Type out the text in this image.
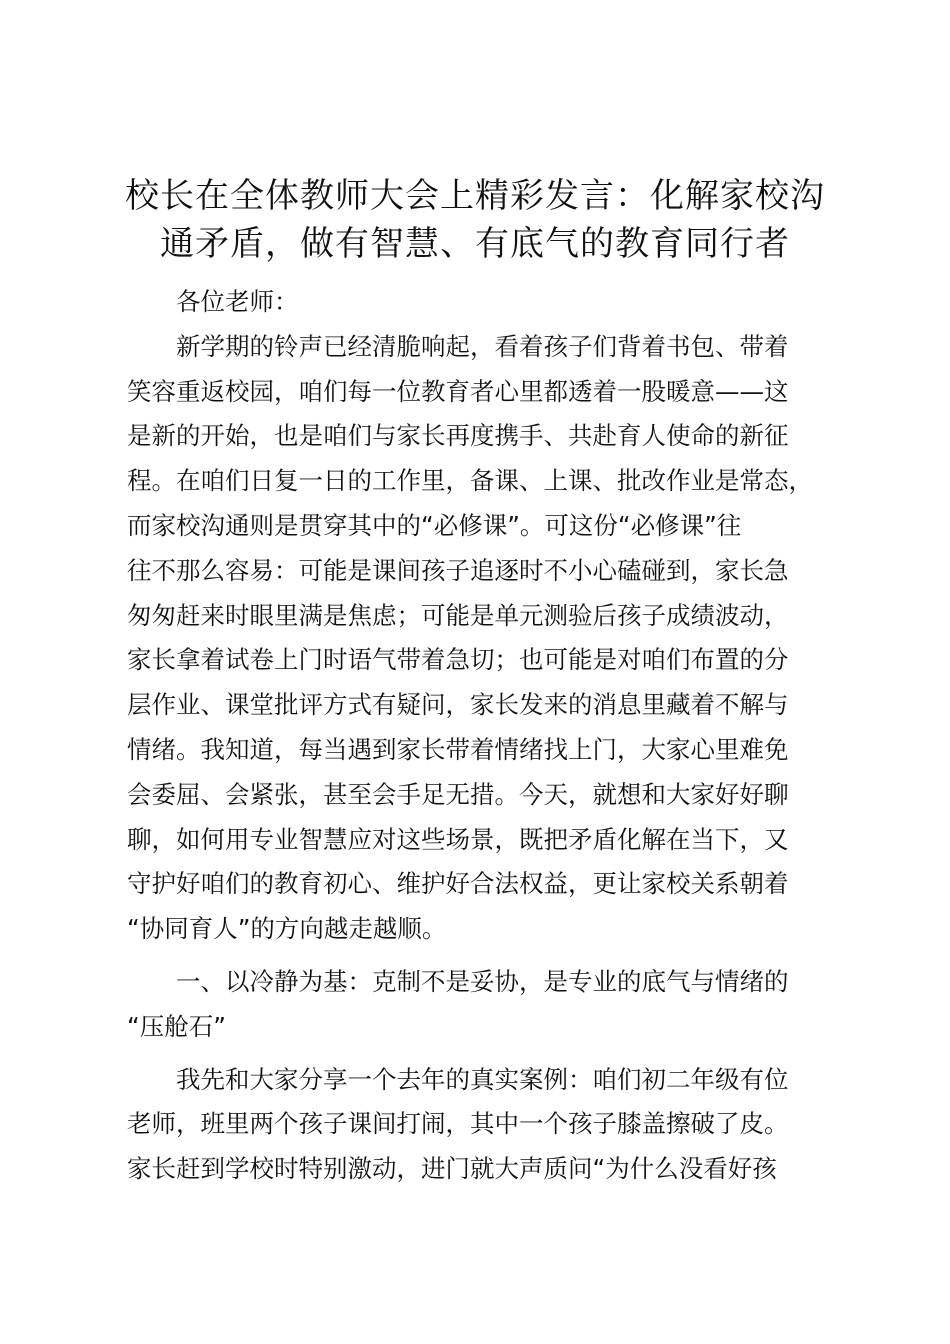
校长在全体教师大会上精彩发言：化解家校沟
通矛盾，做有智慧、有底气的教育同行者
各位老师：
新学期的铃声已经清脆响起，看着孩子们背着书包、带着
笑容重返校园，咱们每一位教育者心里都透着一股暖意——这
是新的开始，也是咱们与家长再度携手、共赴育人使命的新征
程。在咱们日复一日的工作里，备课、上课、批改作业是常态，
而家校沟通则是贯穿其中的“必修课”。可这份“必修课”往
往不那么容易：可能是课间孩子追逐时不小心磕碰到，家长急
匆匆赶来时眼里满是焦虑；可能是单元测验后孩子成绩波动，
家长拿着试卷上门时语气带着急切；也可能是对咱们布置的分
层作业、课堂批评方式有疑问，家长发来的消息里藏着不解与
情绪。我知道，每当遇到家长带着情绪找上门，大家心里难免
会委屈、会紧张，甚至会手足无措。今天，就想和大家好好聊
聊，如何用专业智慧应对这些场景，既把矛盾化解在当下，又
守护好咱们的教育初心、维护好合法权益，更让家校关系朝着
“协同育人”的方向越走越顺。
一、以冷静为基：克制不是妥协，是专业的底气与情绪的
“压舱石”
我先和大家分享一个去年的真实案例：咱们初二年级有位
老师，班里两个孩子课间打闹，其中一个孩子膝盖擦破了皮。
家长赶到学校时特别激动，进门就大声质问“为什么没看好孩
